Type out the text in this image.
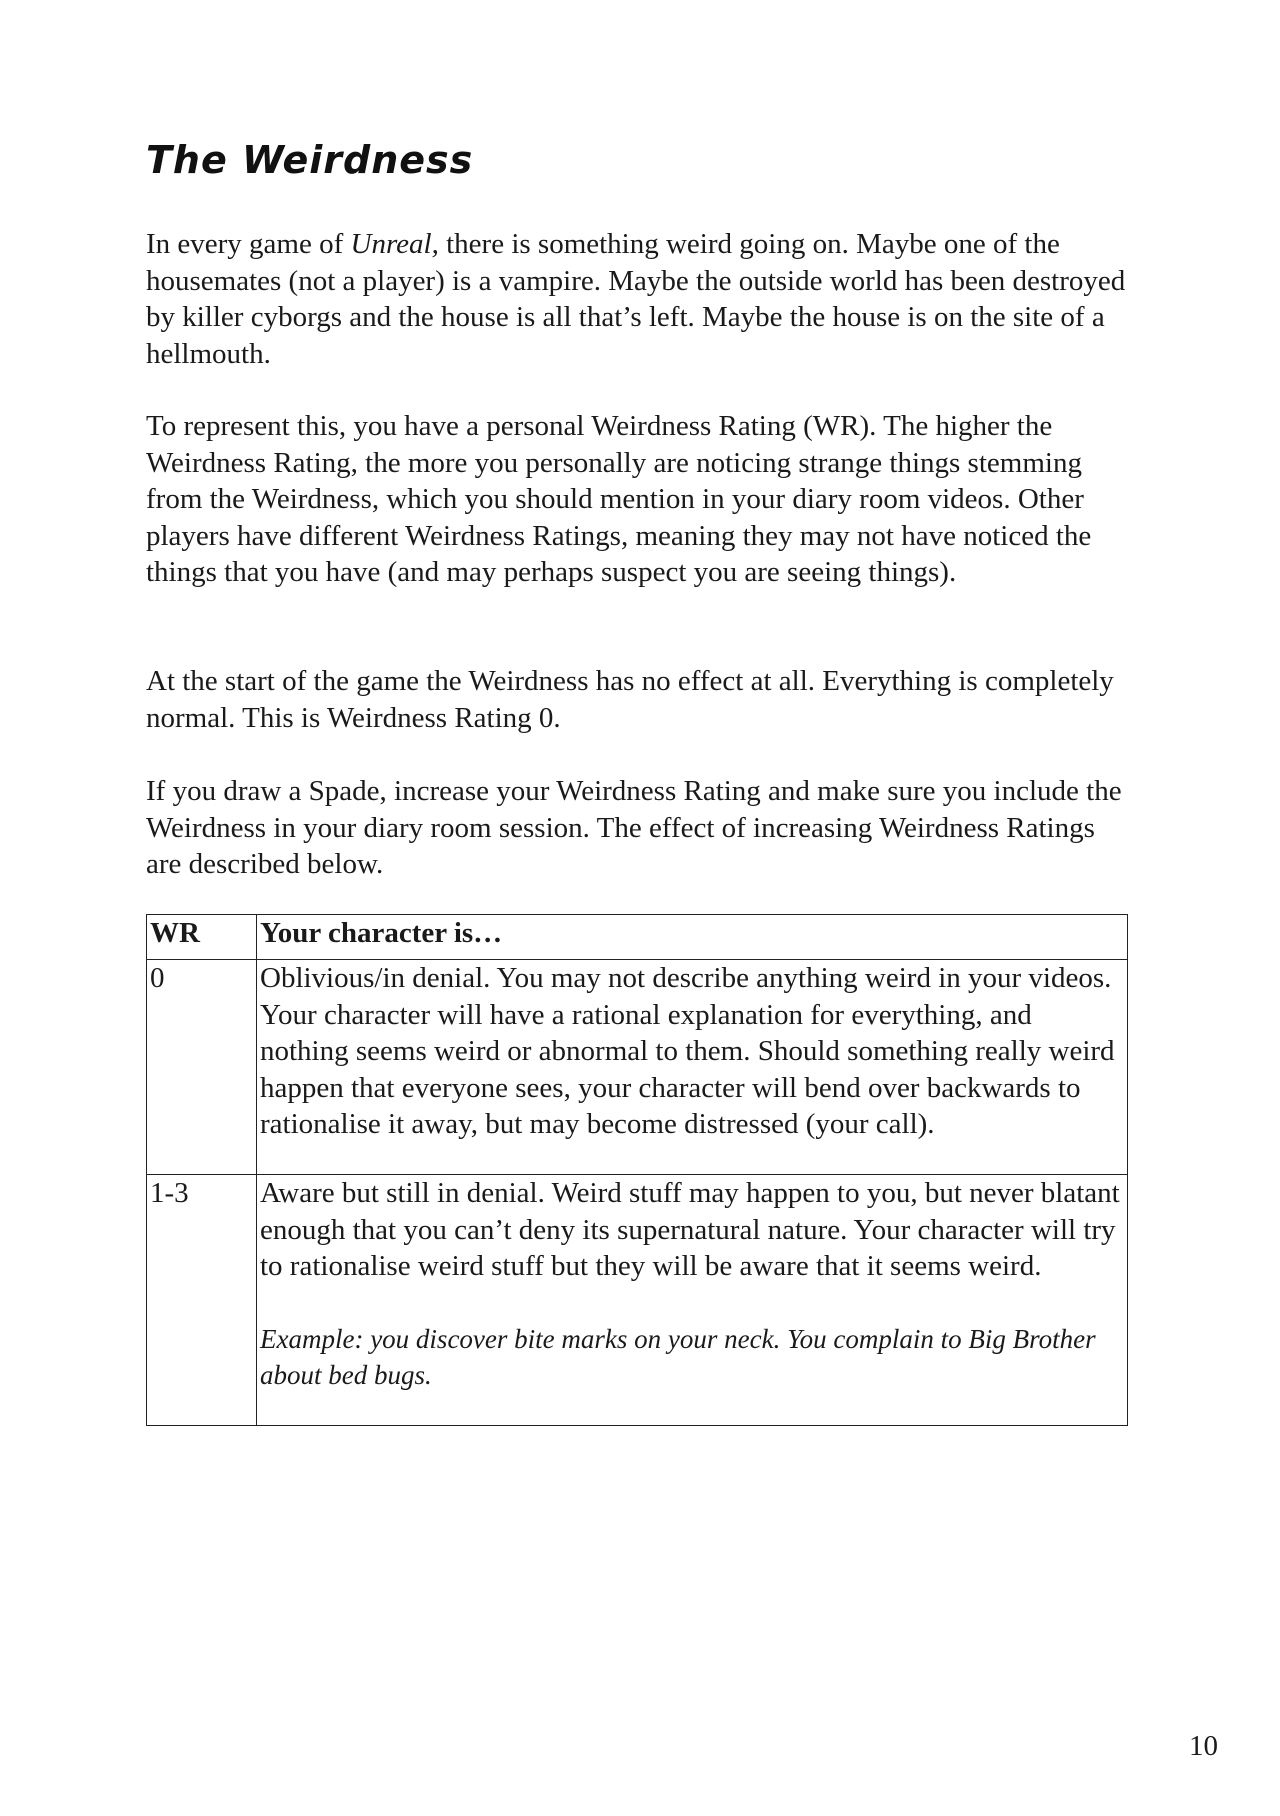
The Weirdness

In every game of Unreal, there is something weird going on. Maybe one of the housemates (not a player) is a vampire. Maybe the outside world has been destroyed by killer cyborgs and the house is all that’s left. Maybe the house is on the site of a hellmouth.

To represent this, you have a personal Weirdness Rating (WR). The higher the Weirdness Rating, the more you personally are noticing strange things stemming from the Weirdness, which you should mention in your diary room videos. Other players have different Weirdness Ratings, meaning they may not have noticed the things that you have (and may perhaps suspect you are seeing things).

At the start of the game the Weirdness has no effect at all. Everything is completely normal. This is Weirdness Rating 0.

If you draw a Spade, increase your Weirdness Rating and make sure you include the Weirdness in your diary room session. The effect of increasing Weirdness Ratings are described below.

WR	Your character is…
0	Oblivious/in denial. You may not describe anything weird in your videos. Your character will have a rational explanation for everything, and nothing seems weird or abnormal to them. Should something really weird happen that everyone sees, your character will bend over backwards to rationalise it away, but may become distressed (your call).
1-3	Aware but still in denial. Weird stuff may happen to you, but never blatant enough that you can’t deny its supernatural nature. Your character will try to rationalise weird stuff but they will be aware that it seems weird.
Example: you discover bite marks on your neck. You complain to Big Brother about bed bugs.

10
